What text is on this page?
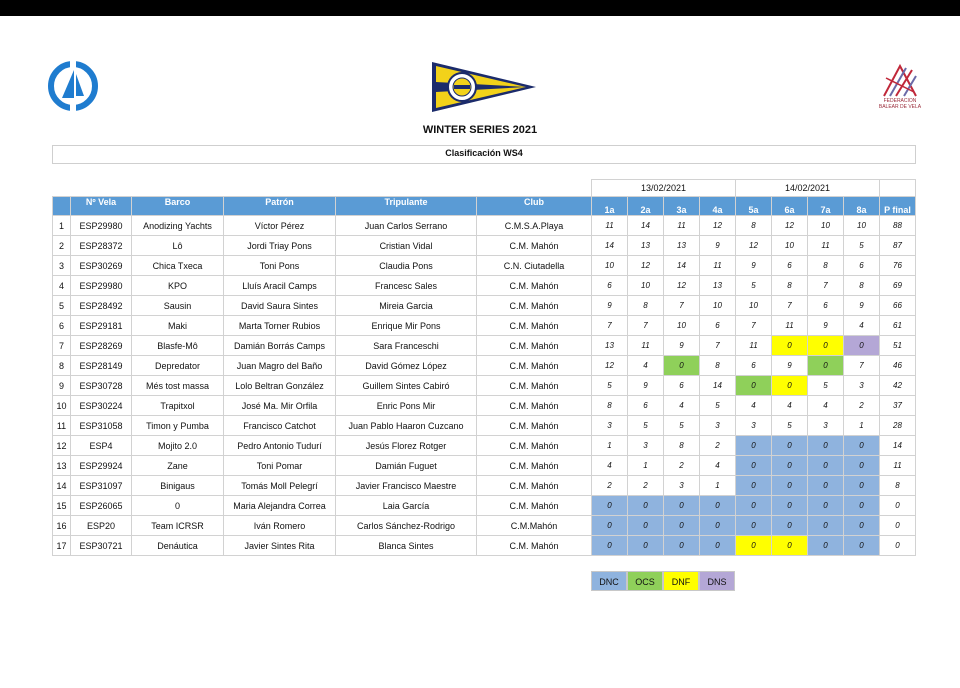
FEDERACION BALEAR DE VELA
WINTER SERIES 2021
Clasificación WS4
						13/02/2021				14/02/2021				
	Nº Vela	Barco	Patrón	Tripulante	Club	1a	2a	3a	4a	5a	6a	7a	8a	P final
1	ESP29980	Anodizing Yachts	Víctor Pérez	Juan Carlos Serrano	C.M.S.A.Playa	11	14	11	12	8	12	10	10	88
2	ESP28372	Lô	Jordi Triay Pons	Cristian Vidal	C.M. Mahón	14	13	13	9	12	10	11	5	87
3	ESP30269	Chica Txeca	Toni Pons	Claudia Pons	C.N. Ciutadella	10	12	14	11	9	6	8	6	76
4	ESP29980	KPO	Lluís Aracil Camps	Francesc Sales	C.M. Mahón	6	10	12	13	5	8	7	8	69
5	ESP28492	Sausin	David Saura Sintes	Mireia Garcia	C.M. Mahón	9	8	7	10	10	7	6	9	66
6	ESP29181	Maki	Marta Torner Rubios	Enrique Mir Pons	C.M. Mahón	7	7	10	6	7	11	9	4	61
7	ESP28269	Blasfe-Mô	Damián Borrás Camps	Sara Franceschi	C.M. Mahón	13	11	9	7	11	0	0	0	51
8	ESP28149	Depredator	Juan Magro del Baño	David Gómez López	C.M. Mahón	12	4	0	8	6	9	0	7	46
9	ESP30728	Més tost massa	Lolo Beltran González	Guillem Sintes Cabiró	C.M. Mahón	5	9	6	14	0	0	5	3	42
10	ESP30224	Trapitxol	José Ma. Mir Orfila	Enric Pons Mir	C.M. Mahón	8	6	4	5	4	4	4	2	37
11	ESP31058	Timon y Pumba	Francisco Catchot	Juan Pablo Haaron Cuzcano	C.M. Mahón	3	5	5	3	3	5	3	1	28
12	ESP4	Mojito 2.0	Pedro Antonio Tudurí	Jesús Florez Rotger	C.M. Mahón	1	3	8	2	0	0	0	0	14
13	ESP29924	Zane	Toni Pomar	Damián Fuguet	C.M. Mahón	4	1	2	4	0	0	0	0	11
14	ESP31097	Binigaus	Tomás Moll Pelegrí	Javier Francisco Maestre	C.M. Mahón	2	2	3	1	0	0	0	0	8
15	ESP26065	0	Maria Alejandra Correa	Laia García	C.M. Mahón	0	0	0	0	0	0	0	0	0
16	ESP20	Team ICRSR	Iván Romero	Carlos Sánchez-Rodrigo	C.M.Mahón	0	0	0	0	0	0	0	0	0
17	ESP30721	Denáutica	Javier Sintes Rita	Blanca Sintes	C.M. Mahón	0	0	0	0	0	0	0	0	0
DNC	OCS	DNF	DNS
